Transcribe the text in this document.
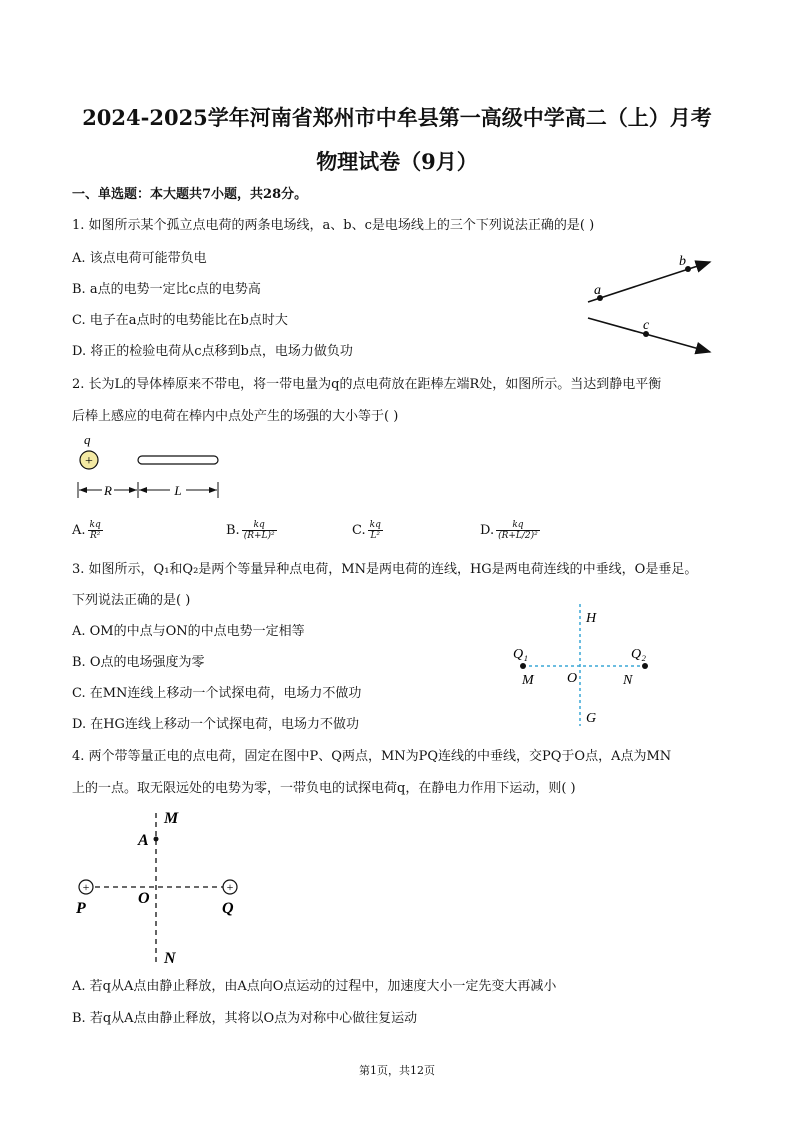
2024-2025学年河南省郑州市中牟县第一高级中学高二（上）月考
物理试卷（9月）
一、单选题：本大题共7小题，共28分。
1. 如图所示某个孤立点电荷的两条电场线，a、b、c是电场线上的三个下列说法正确的是( )
A. 该点电荷可能带负电
B. a点的电势一定比c点的电势高
C. 电子在a点时的电势能比在b点时大
D. 将正的检验电荷从c点移到b点，电场力做负功
a
b
c
2. 长为L的导体棒原来不带电，将一带电量为q的点电荷放在距棒左端R处，如图所示。当达到静电平衡
后棒上感应的电荷在棒内中点处产生的场强的大小等于( )
q
+
R	L
A. $\frac{kq}{\text{R²}}$	B. $\frac{kq}{\text{(R+L)²}}$	C. $\frac{kq}{\text{L²}}$	D. $\frac{kq}{\text{(R+L/2)²}}$
3. 如图所示，Q₁和Q₂是两个等量异种点电荷，MN是两电荷的连线，HG是两电荷连线的中垂线，O是垂足。
下列说法正确的是( )
A. OM的中点与ON的中点电势一定相等
B. O点的电场强度为零
C. 在MN连线上移动一个试探电荷，电场力不做功
D. 在HG连线上移动一个试探电荷，电场力不做功
H
G
Q₁	Q₂
M O	N
4. 两个带等量正电的点电荷，固定在图中P、Q两点，MN为PQ连线的中垂线，交PQ于O点，A点为MN
上的一点。取无限远处的电势为零，一带负电的试探电荷q，在静电力作用下运动，则( )
+	+
M
A
P
O
Q
N
A. 若q从A点由静止释放，由A点向O点运动的过程中，加速度大小一定先变大再减小
B. 若q从A点由静止释放，其将以O点为对称中心做往复运动
第1页，共12页
